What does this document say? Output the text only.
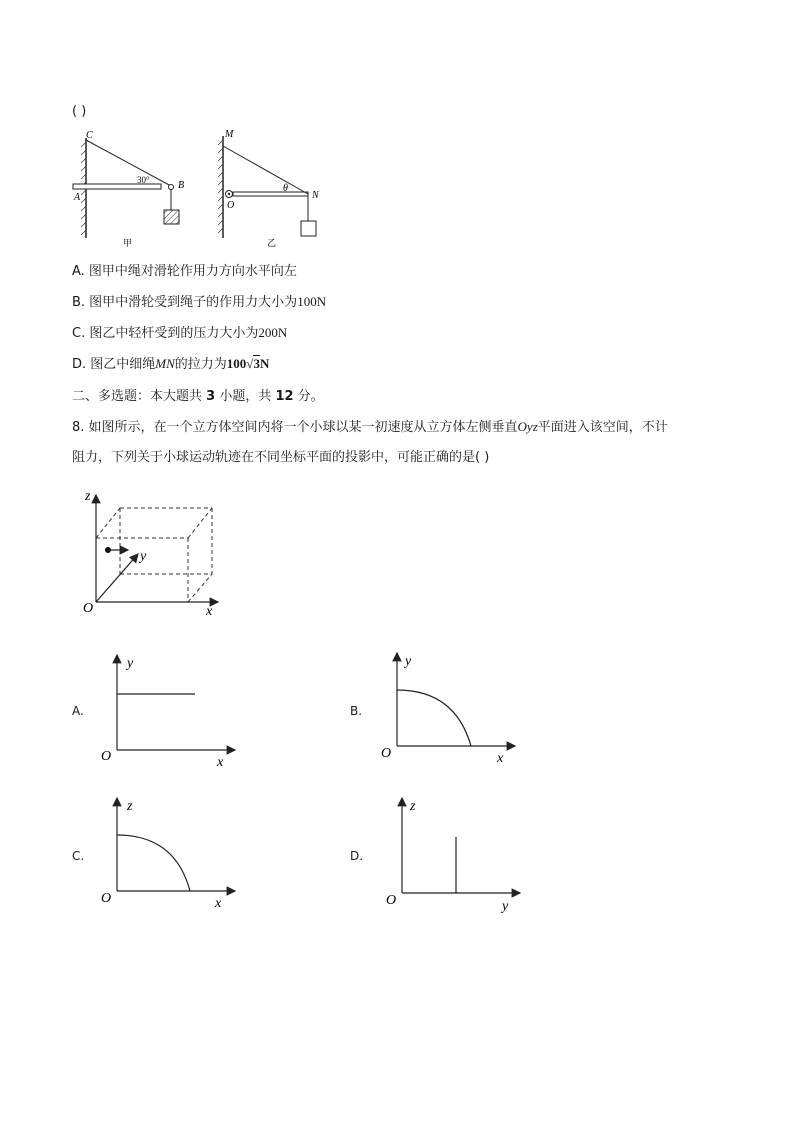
( )
C
A
B
30°
甲
M
O
N
θ
乙
A. 图甲中绳对滑轮作用力方向水平向左
B. 图甲中滑轮受到绳子的作用力大小为100N
C. 图乙中轻杆受到的压力大小为200N
D. 图乙中细绳MN的拉力为100√3N
二、多选题：本大题共 3 小题，共 12 分。
8. 如图所示，在一个立方体空间内将一个小球以某一初速度从立方体左侧垂直Oyz平面进入该空间，不计
阻力，下列关于小球运动轨迹在不同坐标平面的投影中，可能正确的是( )
z
y
x
O
A.
y
x
O
B.
y
x
O
C.
z
x
O
D.
z
y
O
